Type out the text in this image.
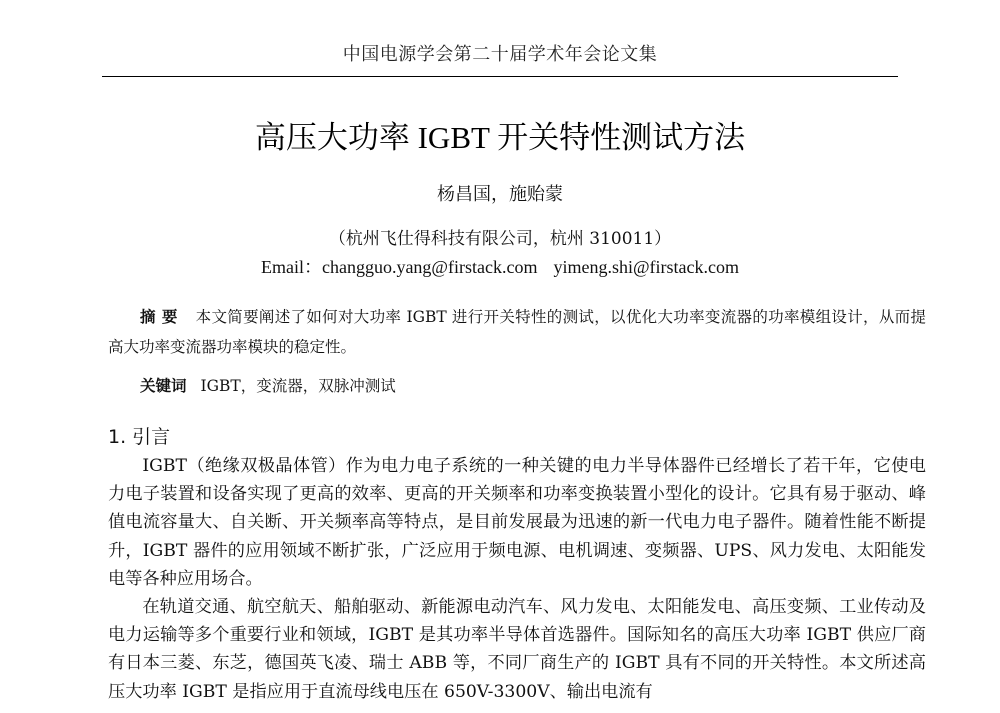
中国电源学会第二十届学术年会论文集
高压大功率 IGBT 开关特性测试方法
杨昌国，施贻蒙
（杭州飞仕得科技有限公司，杭州 310011）
Email：changguo.yang@firstack.com yimeng.shi@firstack.com
摘要 本文简要阐述了如何对大功率 IGBT 进行开关特性的测试，以优化大功率变流器的功率模组设计，从而提高大功率变流器功率模块的稳定性。
关键词 IGBT，变流器，双脉冲测试
1. 引言

IGBT（绝缘双极晶体管）作为电力电子系统的一种关键的电力半导体器件已经增长了若干年，它使电力电子装置和设备实现了更高的效率、更高的开关频率和功率变换装置小型化的设计。它具有易于驱动、峰值电流容量大、自关断、开关频率高等特点，是目前发展最为迅速的新一代电力电子器件。随着性能不断提升，IGBT 器件的应用领域不断扩张，广泛应用于频电源、电机调速、变频器、UPS、风力发电、太阳能发电等各种应用场合。

在轨道交通、航空航天、船舶驱动、新能源电动汽车、风力发电、太阳能发电、高压变频、工业传动及电力运输等多个重要行业和领域，IGBT 是其功率半导体首选器件。国际知名的高压大功率 IGBT 供应厂商有日本三菱、东芝，德国英飞凌、瑞士 ABB 等，不同厂商生产的 IGBT 具有不同的开关特性。本文所述高压大功率 IGBT 是指应用于直流母线电压在 650V-3300V、输出电流有
